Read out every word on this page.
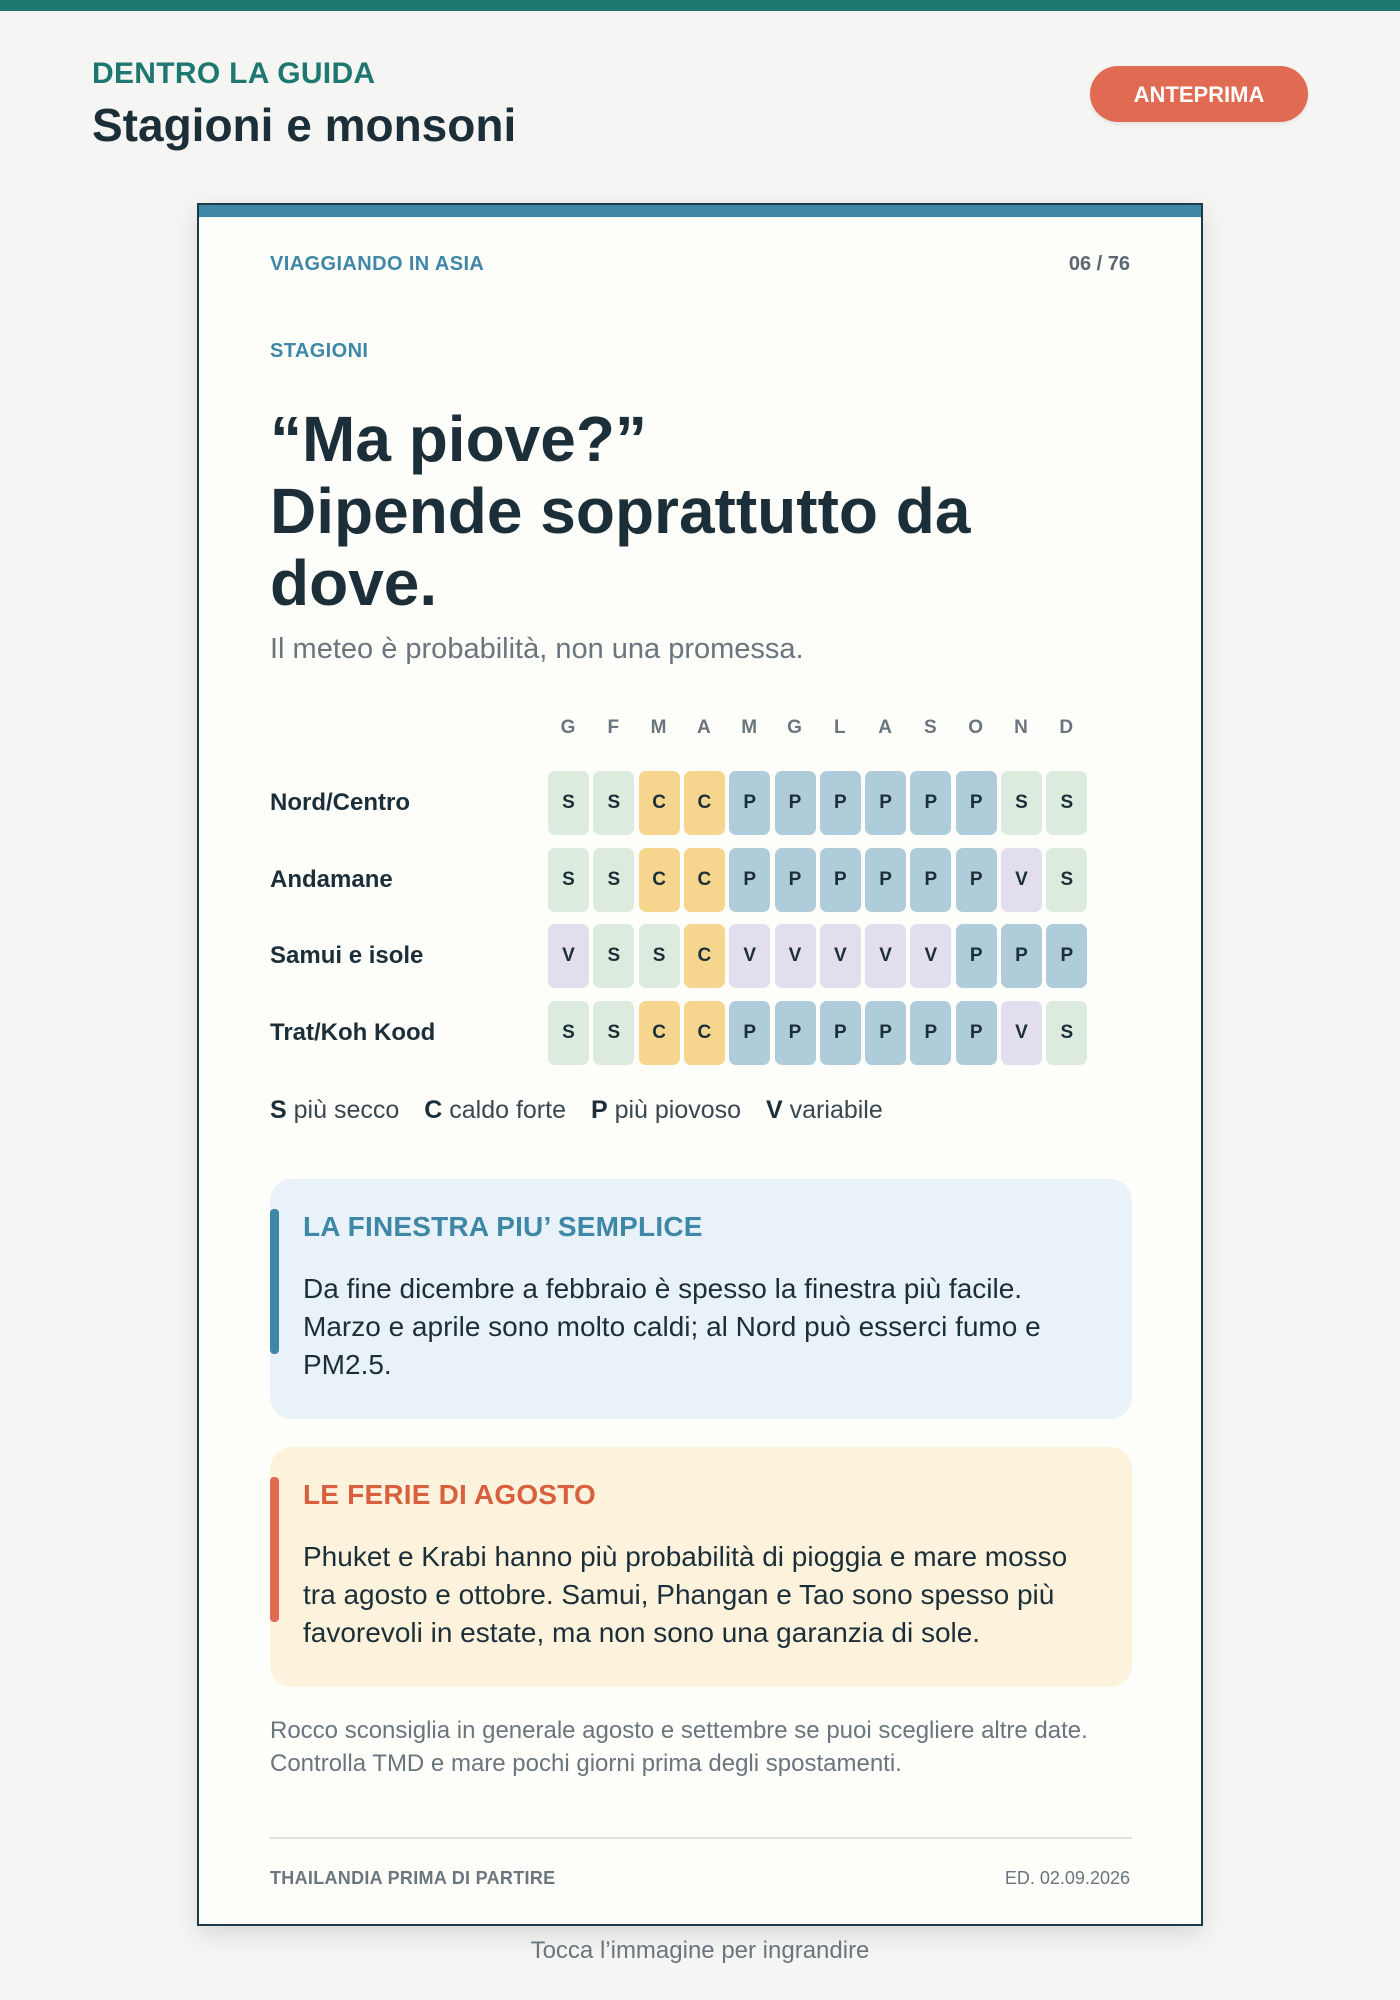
DENTRO LA GUIDA
Stagioni e monsoni
ANTEPRIMA
VIAGGIANDO IN ASIA	06 / 76
STAGIONI
“Ma piove?”
Dipende soprattutto da
dove.
Il meteo è probabilità, non una promessa.
G	F	M	A	M	G	L	A	S	O	N	D
Nord/Centro	S	S	C	C	P	P	P	P	P	P	S	S
Andamane	S	S	C	C	P	P	P	P	P	P	V	S
Samui e isole	V	S	S	C	V	V	V	V	V	P	P	P
Trat/Koh Kood	S	S	C	C	P	P	P	P	P	P	V	S
S più secco C caldo forte P più piovoso V variabile
LA FINESTRA PIU’ SEMPLICE
Da fine dicembre a febbraio è spesso la finestra più facile. Marzo e aprile sono molto caldi; al Nord può esserci fumo e PM2.5.
LE FERIE DI AGOSTO
Phuket e Krabi hanno più probabilità di pioggia e mare mosso tra agosto e ottobre. Samui, Phangan e Tao sono spesso più favorevoli in estate, ma non sono una garanzia di sole.
Rocco sconsiglia in generale agosto e settembre se puoi scegliere altre date. Controlla TMD e mare pochi giorni prima degli spostamenti.
THAILANDIA PRIMA DI PARTIRE	ED. 02.09.2026
Tocca l’immagine per ingrandire
